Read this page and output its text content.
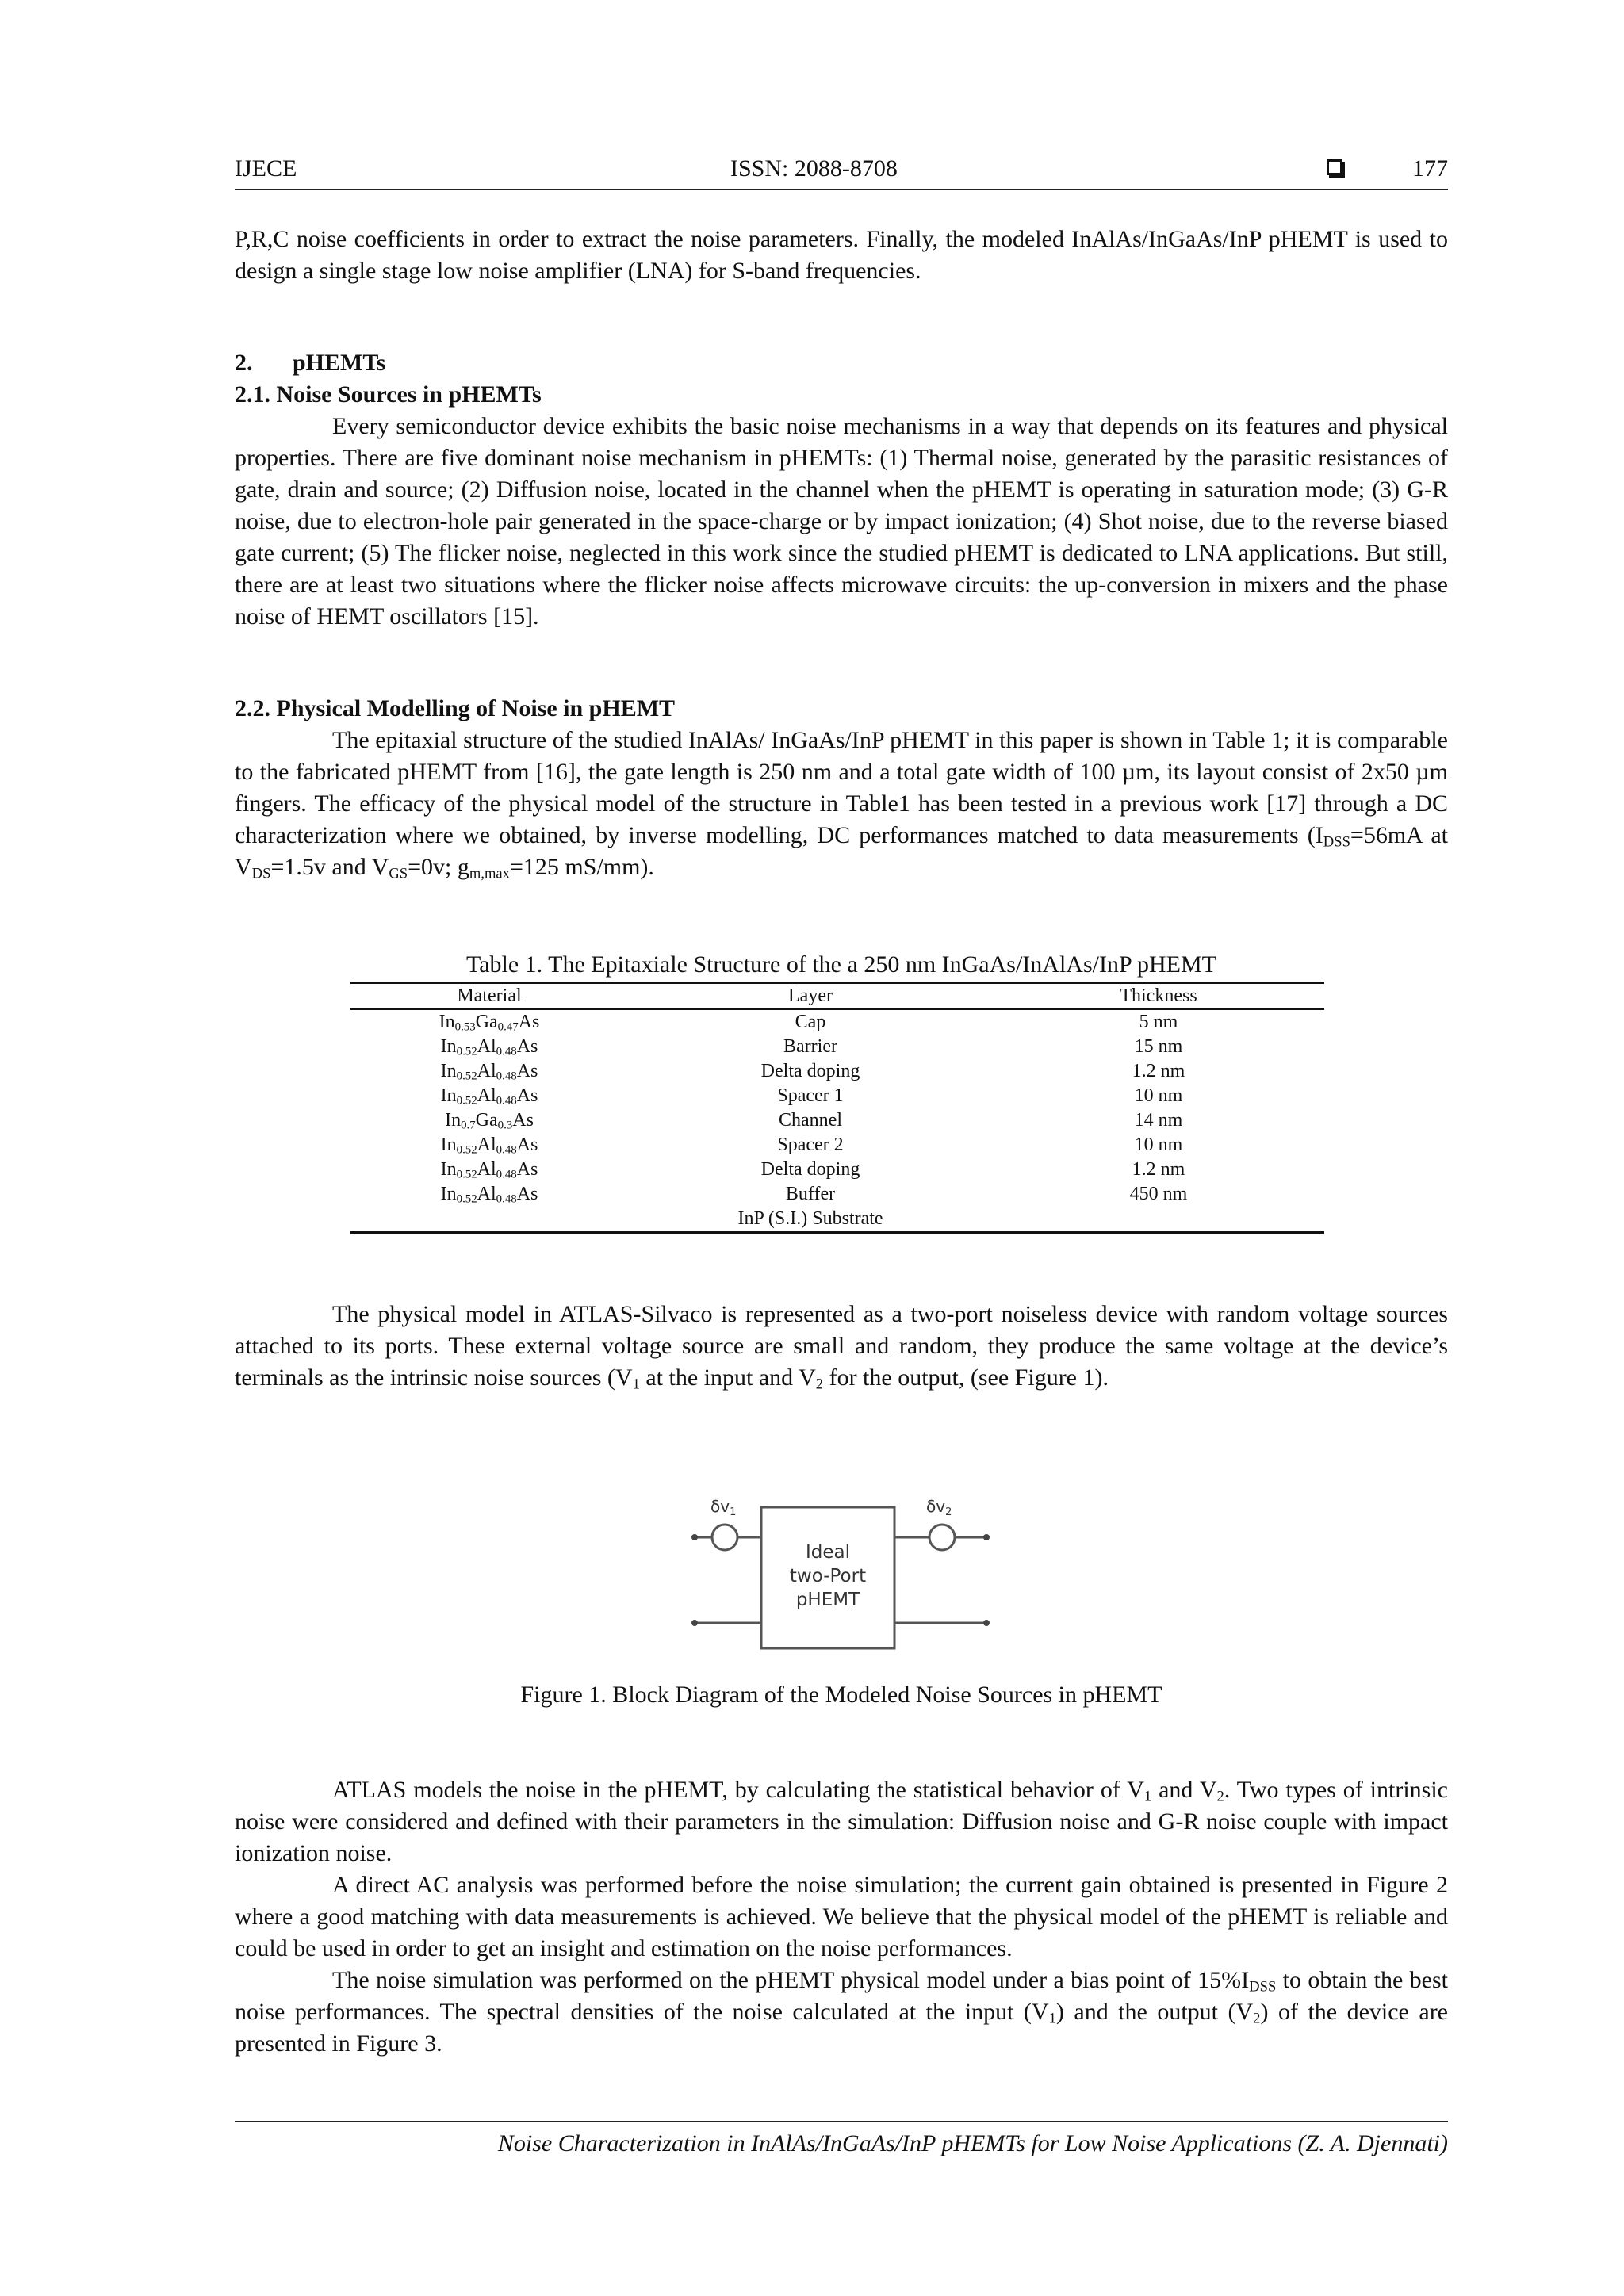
IJECE	ISSN: 2088-8708	177

P,R,C noise coefficients in order to extract the noise parameters. Finally, the modeled InAlAs/InGaAs/InP pHEMT is used to design a single stage low noise amplifier (LNA) for S-band frequencies.

2. pHEMTs
2.1. Noise Sources in pHEMTs

Every semiconductor device exhibits the basic noise mechanisms in a way that depends on its features and physical properties. There are five dominant noise mechanism in pHEMTs: (1) Thermal noise, generated by the parasitic resistances of gate, drain and source; (2) Diffusion noise, located in the channel when the pHEMT is operating in saturation mode; (3) G-R noise, due to electron-hole pair generated in the space-charge or by impact ionization; (4) Shot noise, due to the reverse biased gate current; (5) The flicker noise, neglected in this work since the studied pHEMT is dedicated to LNA applications. But still, there are at least two situations where the flicker noise affects microwave circuits: the up-conversion in mixers and the phase noise of HEMT oscillators [15].

2.2. Physical Modelling of Noise in pHEMT

The epitaxial structure of the studied InAlAs/ InGaAs/InP pHEMT in this paper is shown in Table 1; it is comparable to the fabricated pHEMT from [16], the gate length is 250 nm and a total gate width of 100 µm, its layout consist of 2x50 µm fingers. The efficacy of the physical model of the structure in Table1 has been tested in a previous work [17] through a DC characterization where we obtained, by inverse modelling, DC performances matched to data measurements ($I_{DSS}=56mA$ at $V_{DS}=1.5v$ and $V_{GS}=0v$; $g_{m,max}=125$ mS/mm).

Table 1. The Epitaxiale Structure of the a 250 nm InGaAs/InAlAs/InP pHEMT
Material	Layer	Thickness
$In_{0.53}Ga_{0.47}As$	Cap	5 nm
$In_{0.52}Al_{0.48}As$	Barrier	15 nm
$In_{0.52}Al_{0.48}As$	Delta doping	1.2 nm
$In_{0.52}Al_{0.48}As$	Spacer 1	10 nm
$In_{0.7}Ga_{0.3}As$	Channel	14 nm
$In_{0.52}Al_{0.48}As$	Spacer 2	10 nm
$In_{0.52}Al_{0.48}As$	Delta doping	1.2 nm
$In_{0.52}Al_{0.48}As$	Buffer	450 nm
	InP (S.I.) Substrate	

The physical model in ATLAS-Silvaco is represented as a two-port noiseless device with random voltage sources attached to its ports. These external voltage source are small and random, they produce the same voltage at the device’s terminals as the intrinsic noise sources ($V_1$ at the input and $V_2$ for the output, (see Figure 1).

$\delta v_1$
Ideal
two-Port
pHEMT
$\delta v_2$
Figure 1. Block Diagram of the Modeled Noise Sources in pHEMT

ATLAS models the noise in the pHEMT, by calculating the statistical behavior of $V_1$ and $V_2$. Two types of intrinsic noise were considered and defined with their parameters in the simulation: Diffusion noise and G-R noise couple with impact ionization noise.

A direct AC analysis was performed before the noise simulation; the current gain obtained is presented in Figure 2 where a good matching with data measurements is achieved. We believe that the physical model of the pHEMT is reliable and could be used in order to get an insight and estimation on the noise performances.

The noise simulation was performed on the pHEMT physical model under a bias point of $15\%I_{DSS}$ to obtain the best noise performances. The spectral densities of the noise calculated at the input $(V_1)$ and the output $(V_2)$ of the device are presented in Figure 3.

Noise Characterization in InAlAs/InGaAs/InP pHEMTs for Low Noise Applications (Z. A. Djennati)
